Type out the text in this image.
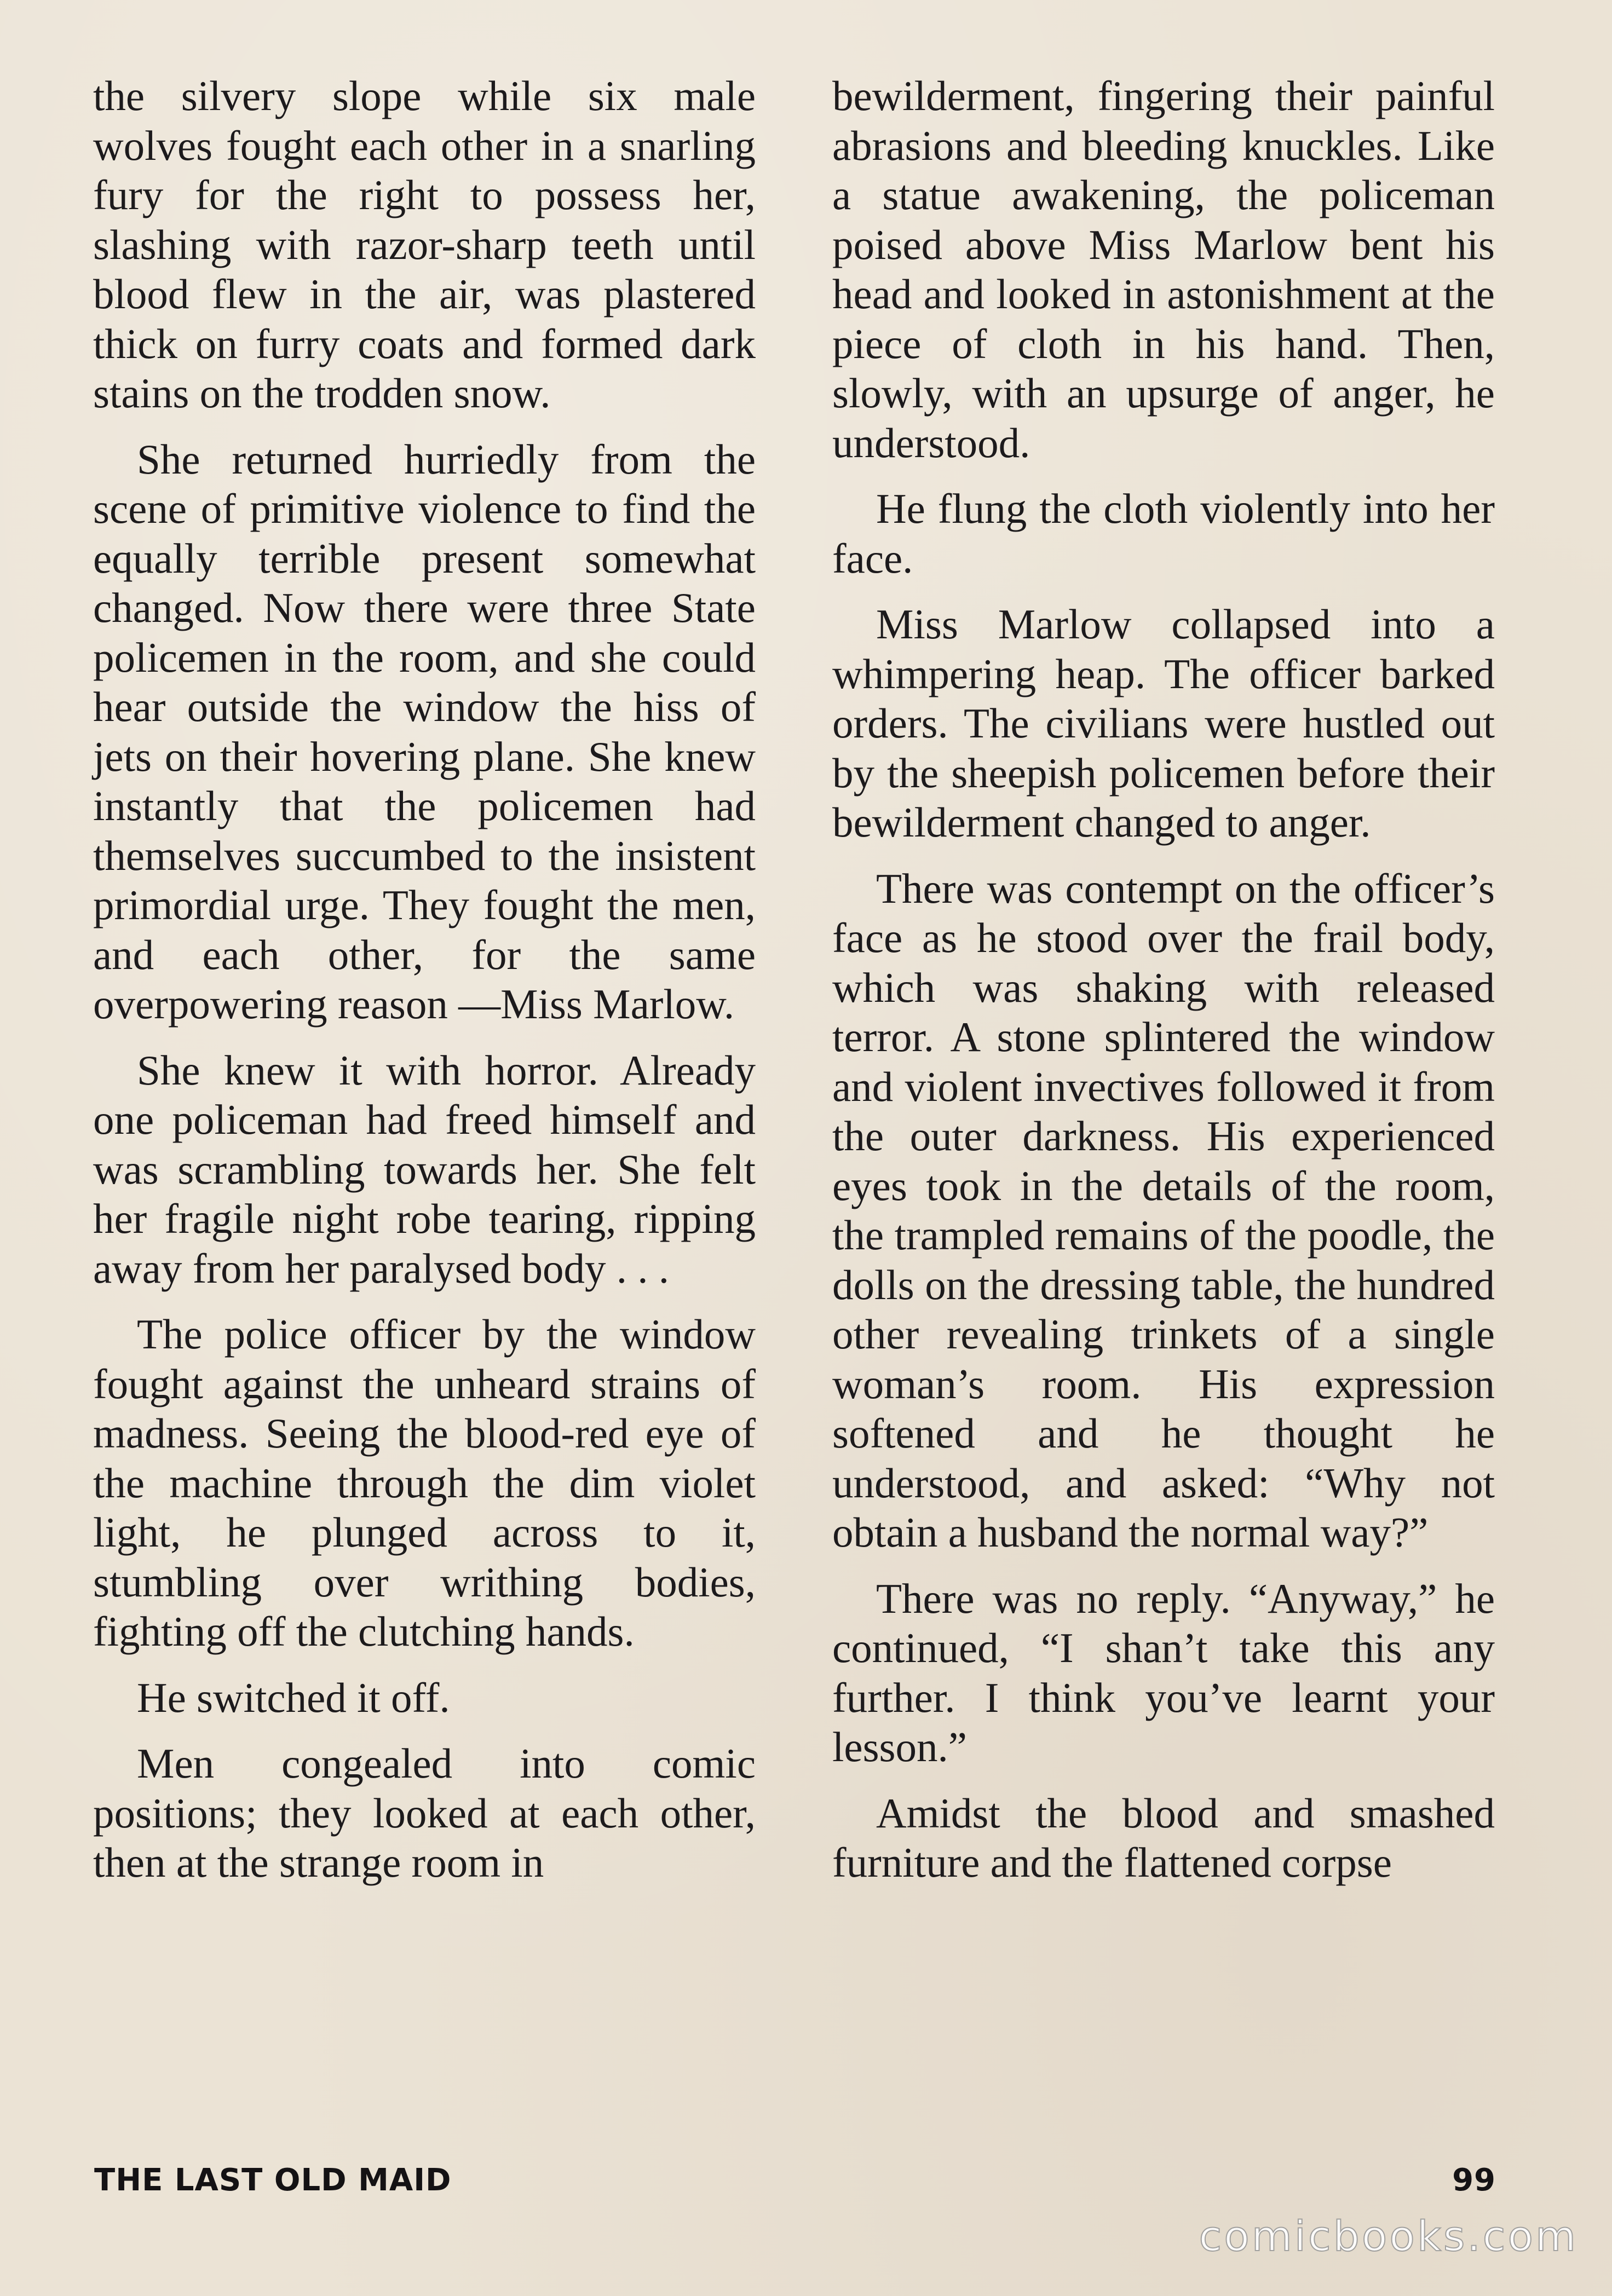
the silvery slope while six male wolves fought each other in a snarling fury for the right to possess her, slashing with razor-sharp teeth until blood flew in the air, was plastered thick on furry coats and formed dark stains on the trodden snow.

She returned hurriedly from the scene of primitive violence to find the equally terrible present somewhat changed. Now there were three State policemen in the room, and she could hear outside the window the hiss of jets on their hovering plane. She knew instantly that the policemen had themselves succumbed to the insistent primordial urge. They fought the men, and each other, for the same overpowering reason —Miss Marlow.

She knew it with horror. Already one policeman had freed himself and was scrambling towards her. She felt her fragile night robe tearing, ripping away from her paralysed body . . .

The police officer by the window fought against the unheard strains of madness. Seeing the blood-red eye of the machine through the dim violet light, he plunged across to it, stumbling over writhing bodies, fighting off the clutching hands.

He switched it off.

Men congealed into comic positions; they looked at each other, then at the strange room in

bewilderment, fingering their painful abrasions and bleeding knuckles. Like a statue awakening, the policeman poised above Miss Marlow bent his head and looked in astonishment at the piece of cloth in his hand. Then, slowly, with an upsurge of anger, he understood.

He flung the cloth violently into her face.

Miss Marlow collapsed into a whimpering heap. The officer barked orders. The civilians were hustled out by the sheepish policemen before their bewilderment changed to anger.

There was contempt on the officer’s face as he stood over the frail body, which was shaking with released terror. A stone splintered the window and violent invectives followed it from the outer darkness. His experienced eyes took in the details of the room, the trampled remains of the poodle, the dolls on the dressing table, the hundred other revealing trinkets of a single woman’s room. His expression softened and he thought he understood, and asked: “Why not obtain a husband the normal way?”

There was no reply. “Anyway,” he continued, “I shan’t take this any further. I think you’ve learnt your lesson.”

Amidst the blood and smashed furniture and the flattened corpse

THE LAST OLD MAID	99
comicbooks.com
